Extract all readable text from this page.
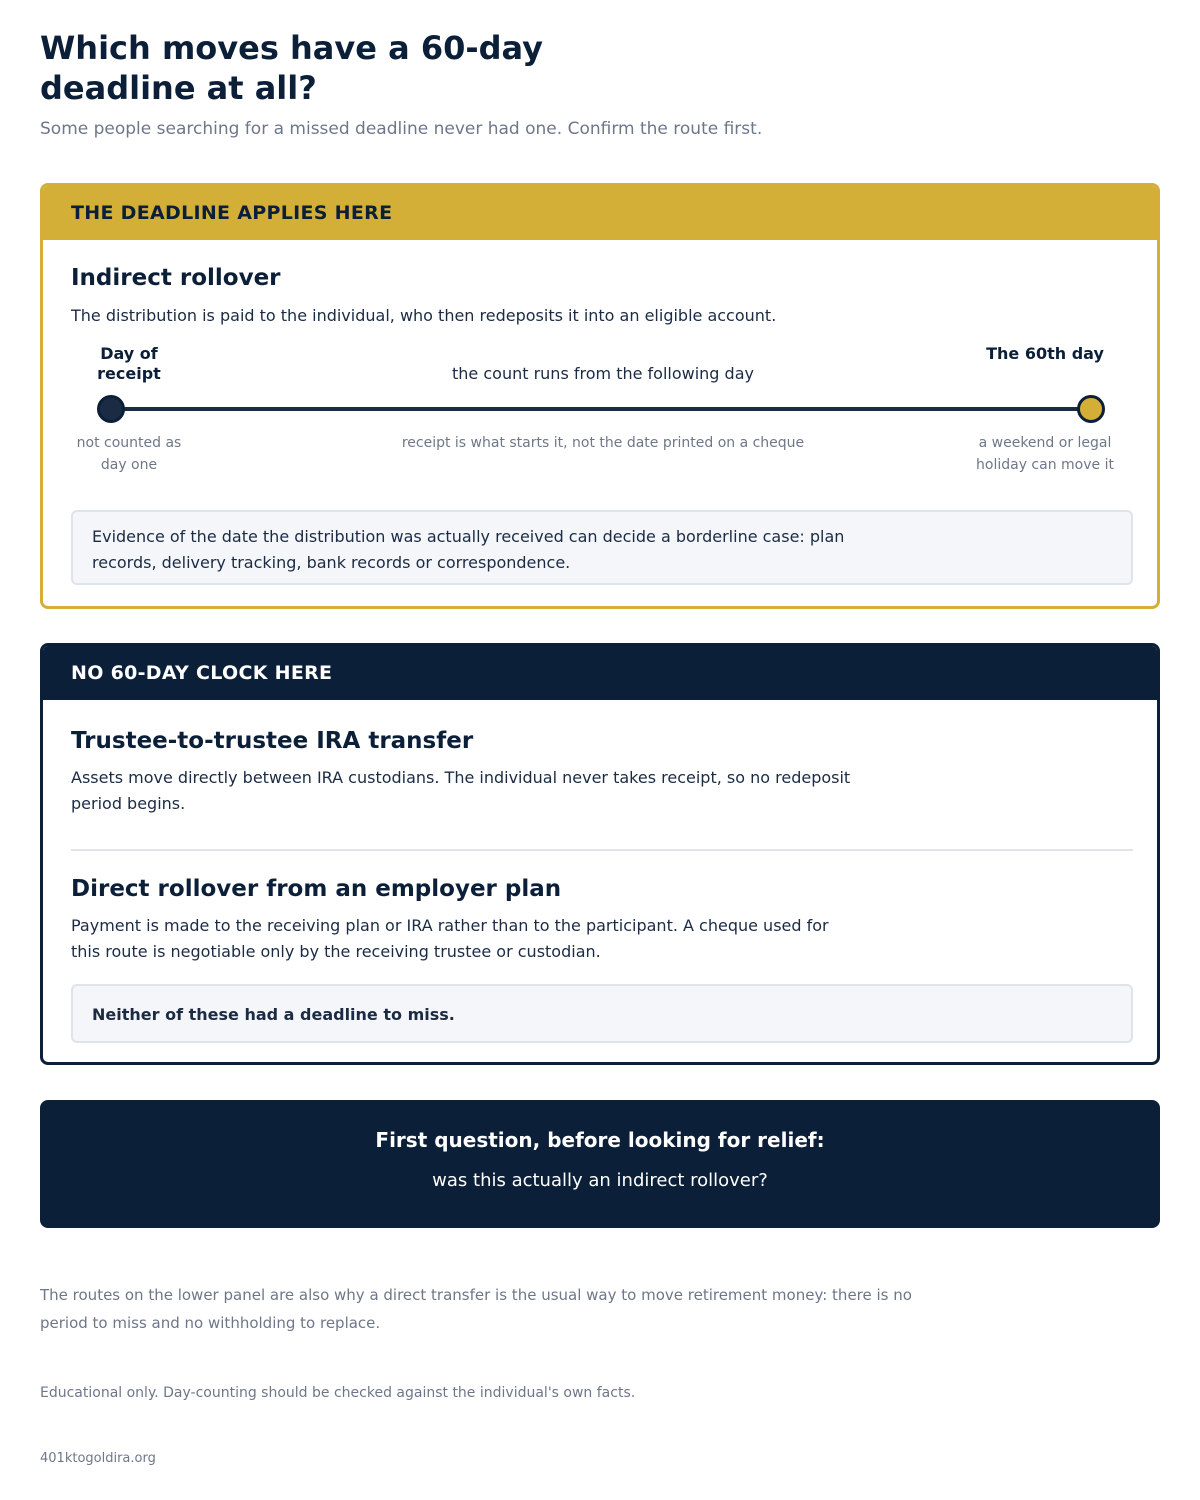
Which moves have a 60-day deadline at all?
Some people searching for a missed deadline never had one. Confirm the route first.
THE DEADLINE APPLIES HERE
Indirect rollover
The distribution is paid to the individual, who then redeposits it into an eligible account.
Day of receipt	the count runs from the following day
The 60th day
not counted as day one
receipt is what starts it, not the date printed on a cheque	a weekend or legal holiday can move it
Evidence of the date the distribution was actually received can decide a borderline case: plan records, delivery tracking, bank records or correspondence.
NO 60-DAY CLOCK HERE
Trustee-to-trustee IRA transfer
Assets move directly between IRA custodians. The individual never takes receipt, so no redeposit period begins.
Direct rollover from an employer plan
Payment is made to the receiving plan or IRA rather than to the participant. A cheque used for this route is negotiable only by the receiving trustee or custodian.
Neither of these had a deadline to miss.
First question, before looking for relief:
was this actually an indirect rollover?
The routes on the lower panel are also why a direct transfer is the usual way to move retirement money: there is no period to miss and no withholding to replace.
Educational only. Day-counting should be checked against the individual's own facts.
401ktogoldira.org
